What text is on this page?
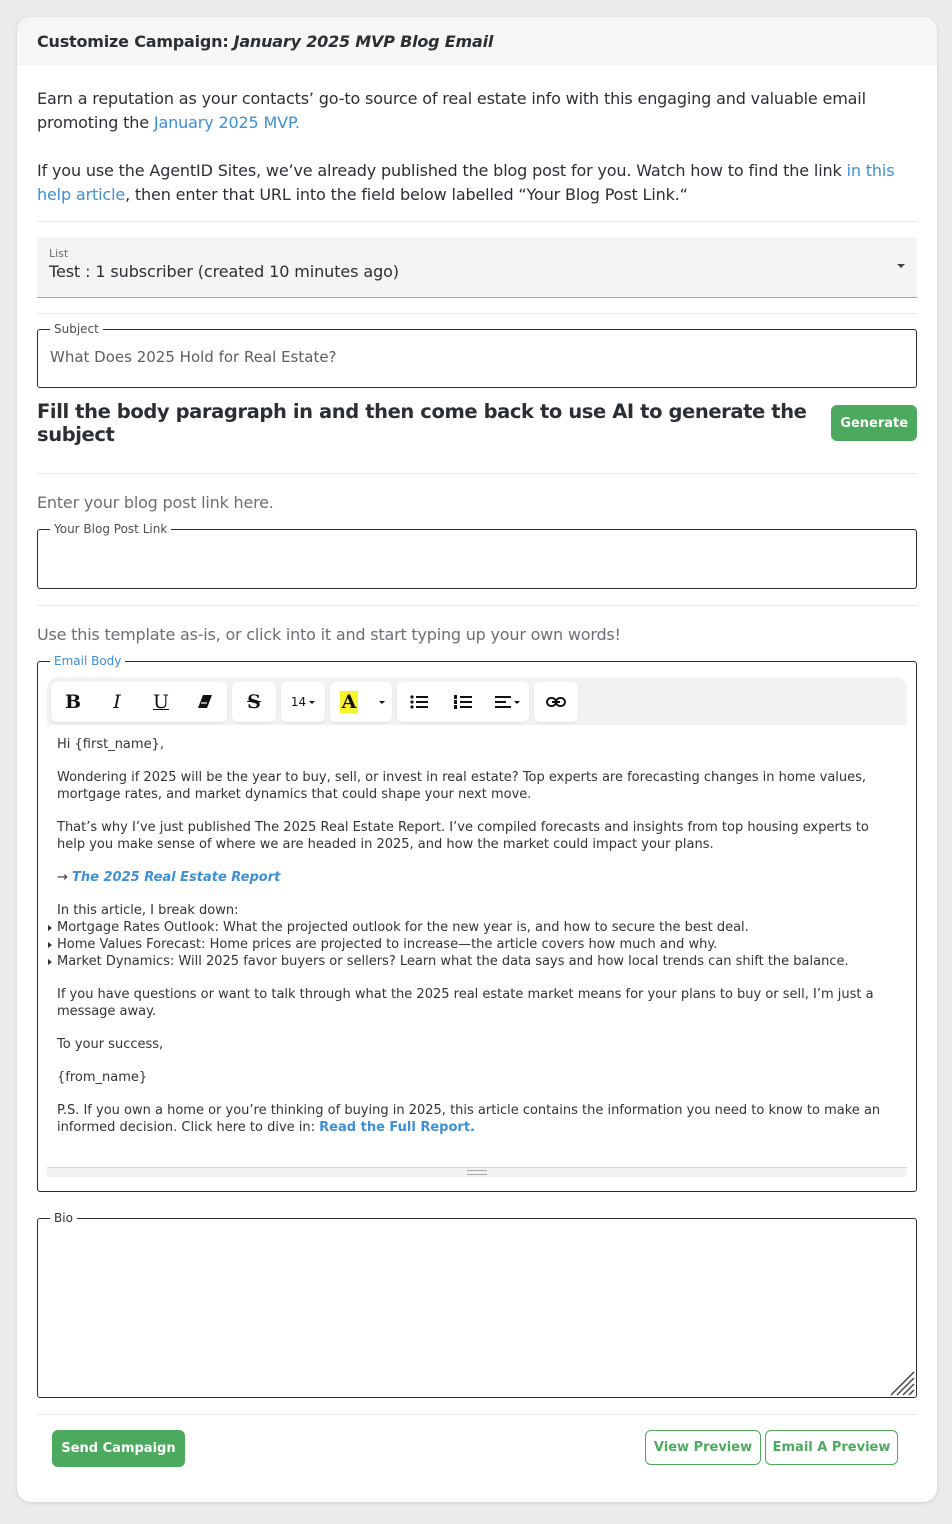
Customize Campaign: January 2025 MVP Blog Email

Earn a reputation as your contacts’ go-to source of real estate info with this engaging and valuable email promoting the January 2025 MVP.

If you use the AgentID Sites, we’ve already published the blog post for you. Watch how to find the link in this help article, then enter that URL into the field below labelled “Your Blog Post Link.“

List
Test : 1 subscriber (created 10 minutes ago)
Subject
What Does 2025 Hold for Real Estate?
Fill the body paragraph in and then come back to use AI to generate the subject	Generate
Enter your blog post link here.
Your Blog Post Link
Use this template as-is, or click into it and start typing up your own words!
Email Body
B I U	S	14 A

Hi {first_name},

Wondering if 2025 will be the year to buy, sell, or invest in real estate? Top experts are forecasting changes in home values, mortgage rates, and market dynamics that could shape your next move.

That’s why I’ve just published The 2025 Real Estate Report. I’ve compiled forecasts and insights from top housing experts to help you make sense of where we are headed in 2025, and how the market could impact your plans.

→ The 2025 Real Estate Report

In this article, I break down:

Mortgage Rates Outlook: What the projected outlook for the new year is, and how to secure the best deal.
Home Values Forecast: Home prices are projected to increase—the article covers how much and why.
Market Dynamics: Will 2025 favor buyers or sellers? Learn what the data says and how local trends can shift the balance.

If you have questions or want to talk through what the 2025 real estate market means for your plans to buy or sell, I’m just a message away.

To your success,

{from_name}

P.S. If you own a home or you’re thinking of buying in 2025, this article contains the information you need to know to make an informed decision. Click here to dive in: Read the Full Report.

Bio
Send Campaign	View Preview	Email A Preview
